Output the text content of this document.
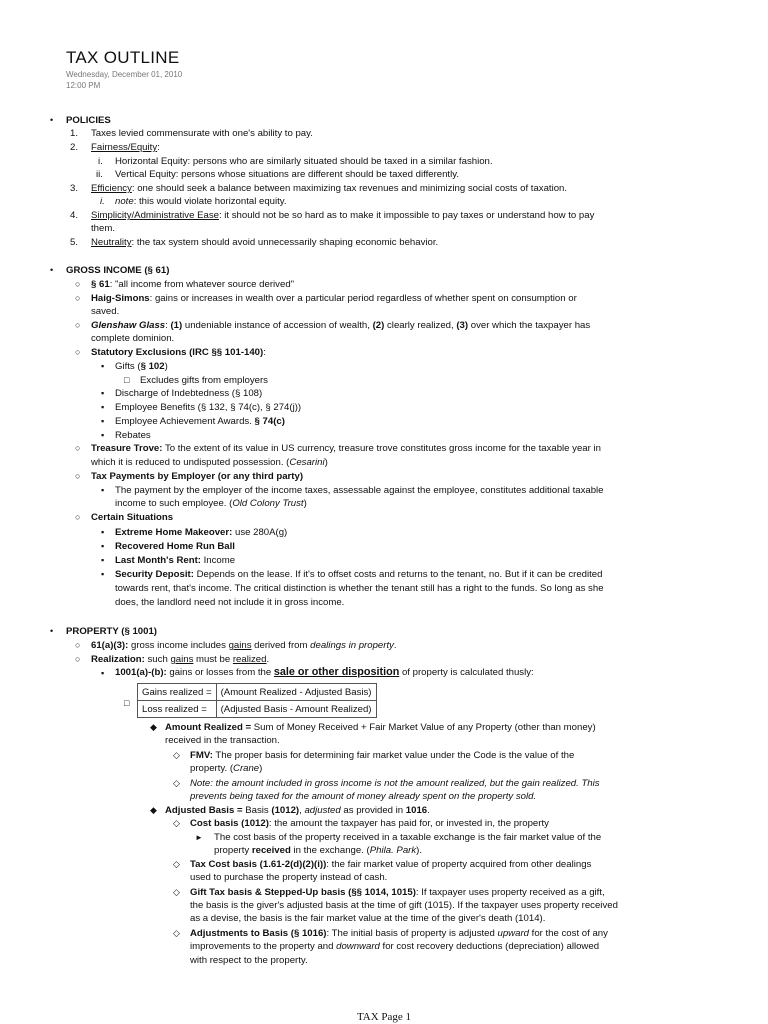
TAX OUTLINE
Wednesday, December 01, 2010
12:00 PM
• POLICIES
1. Taxes levied commensurate with one's ability to pay.
2. Fairness/Equity:
i. Horizontal Equity: persons who are similarly situated should be taxed in a similar fashion.
ii. Vertical Equity: persons whose situations are different should be taxed differently.
3. Efficiency: one should seek a balance between maximizing tax revenues and minimizing social costs of taxation.
i. note: this would violate horizontal equity.
4. Simplicity/Administrative Ease: it should not be so hard as to make it impossible to pay taxes or understand how to pay
them.
5. Neutrality: the tax system should avoid unnecessarily shaping economic behavior.
• GROSS INCOME (§ 61)
○ § 61: "all income from whatever source derived"
○ Haig-Simons: gains or increases in wealth over a particular period regardless of whether spent on consumption or
saved.
○ Glenshaw Glass: (1) undeniable instance of accession of wealth, (2) clearly realized, (3) over which the taxpayer has
complete dominion.
○ Statutory Exclusions (IRC §§ 101-140):
▪ Gifts (§ 102)
□ Excludes gifts from employers
▪ Discharge of Indebtedness (§ 108)
▪ Employee Benefits (§ 132, § 74(c), § 274(j))
▪ Employee Achievement Awards. § 74(c)
▪ Rebates
○ Treasure Trove: To the extent of its value in US currency, treasure trove constitutes gross income for the taxable year in
which it is reduced to undisputed possession. (Cesarini)
○ Tax Payments by Employer (or any third party)
▪ The payment by the employer of the income taxes, assessable against the employee, constitutes additional taxable
income to such employee. (Old Colony Trust)
○ Certain Situations
▪ Extreme Home Makeover: use 280A(g)
▪ Recovered Home Run Ball
▪ Last Month's Rent: Income
▪ Security Deposit: Depends on the lease. If it's to offset costs and returns to the tenant, no. But if it can be credited
towards rent, that's income. The critical distinction is whether the tenant still has a right to the funds. So long as she
does, the landlord need not include it in gross income.
• PROPERTY (§ 1001)
○ 61(a)(3): gross income includes gains derived from dealings in property.
○ Realization: such gains must be realized.
▪ 1001(a)-(b): gains or losses from the sale or other disposition of property is calculated thusly:
□
Gains realized =	(Amount Realized - Adjusted Basis)
Loss realized =	(Adjusted Basis - Amount Realized)
◆ Amount Realized = Sum of Money Received + Fair Market Value of any Property (other than money)
received in the transaction.
◇ FMV: The proper basis for determining fair market value under the Code is the value of the
property. (Crane)
◇ Note: the amount included in gross income is not the amount realized, but the gain realized. This
prevents being taxed for the amount of money already spent on the property sold.
◆ Adjusted Basis = Basis (1012), adjusted as provided in 1016.
◇ Cost basis (1012): the amount the taxpayer has paid for, or invested in, the property
► The cost basis of the property received in a taxable exchange is the fair market value of the
property received in the exchange. (Phila. Park).
◇ Tax Cost basis (1.61-2(d)(2)(i)): the fair market value of property acquired from other dealings
used to purchase the property instead of cash.
◇ Gift Tax basis & Stepped-Up basis (§§ 1014, 1015): If taxpayer uses property received as a gift,
the basis is the giver's adjusted basis at the time of gift (1015). If the taxpayer uses property received
as a devise, the basis is the fair market value at the time of the giver's death (1014).
◇ Adjustments to Basis (§ 1016): The initial basis of property is adjusted upward for the cost of any
improvements to the property and downward for cost recovery deductions (depreciation) allowed
with respect to the property.
TAX Page 1
